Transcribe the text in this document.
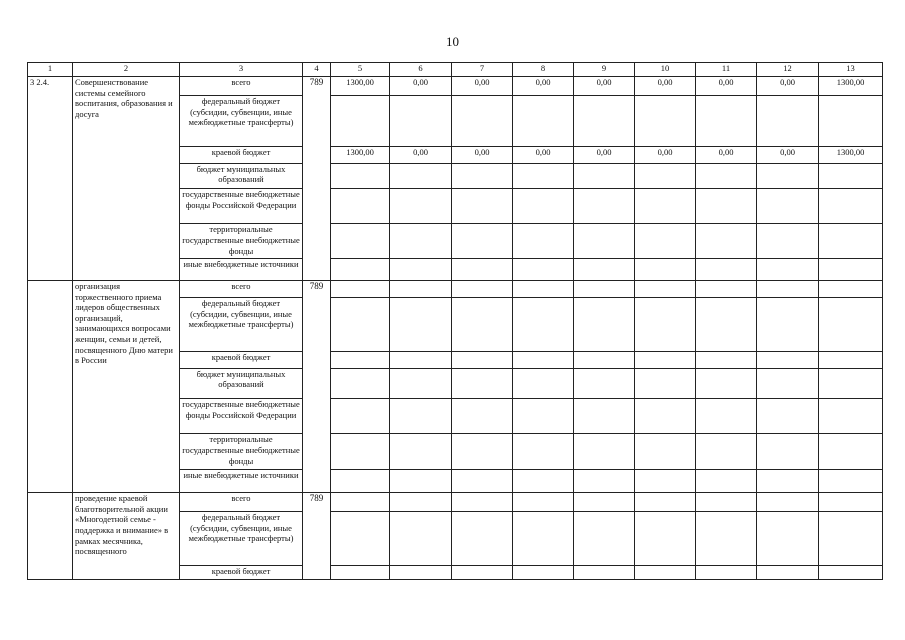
10
1	2	3	4	5	6	7	8	9	10	11	12	13
3 2.4.	Совершенствование системы семейного воспитания, образования и досуга	всего	789	1300,00	0,00	0,00	0,00	0,00	0,00	0,00	0,00	1300,00
		федеральный бюджет (субсидии, субвенции, иные межбюджетные трансферты)										
		краевой бюджет		1300,00	0,00	0,00	0,00	0,00	0,00	0,00	0,00	1300,00
		бюджет муниципальных образований										
		государственные внебюджетные фонды Российской Федерации										
		территориальные государственные внебюджетные фонды										
		иные внебюджетные источники										
	организация торжественного приема лидеров общественных организаций, занимающихся вопросами женщин, семьи и детей, посвященного Дню матери в России	всего	789									
		федеральный бюджет (субсидии, субвенции, иные межбюджетные трансферты)										
		краевой бюджет										
		бюджет муниципальных образований										
		государственные внебюджетные фонды Российской Федерации										
		территориальные государственные внебюджетные фонды										
		иные внебюджетные источники										
	проведение краевой благотворительной акции «Многодетной семье - поддержка и внимание» в рамках месячника, посвященного	всего	789									
		федеральный бюджет (субсидии, субвенции, иные межбюджетные трансферты)										
		краевой бюджет										
